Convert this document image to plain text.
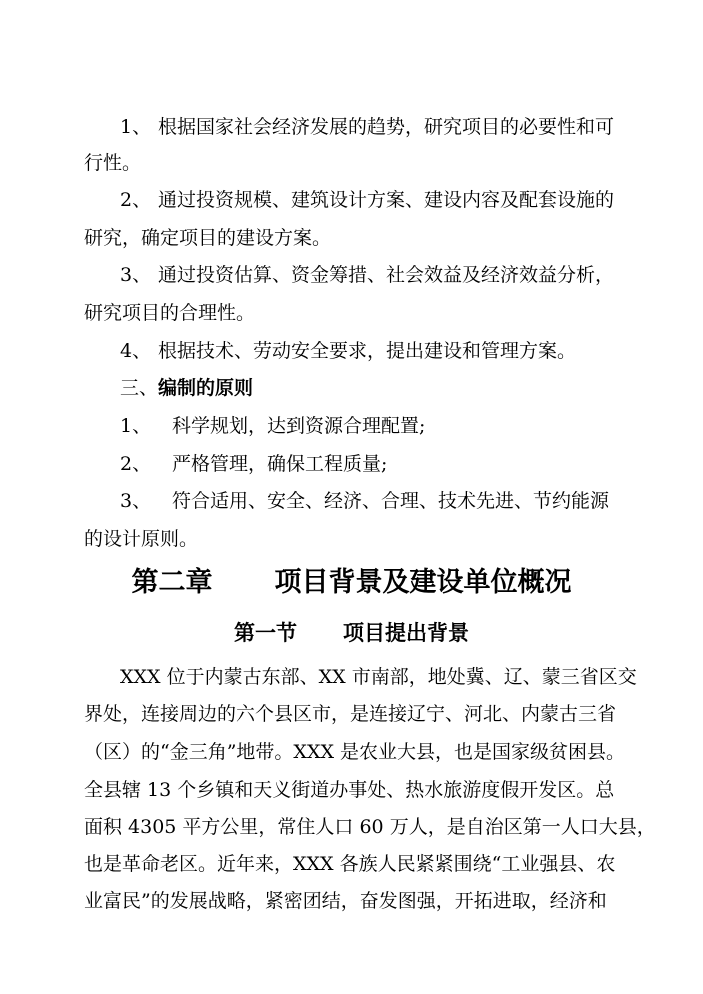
1、 根据国家社会经济发展的趋势，研究项目的必要性和可
行性。
2、 通过投资规模、建筑设计方案、建设内容及配套设施的
研究，确定项目的建设方案。
3、 通过投资估算、资金筹措、社会效益及经济效益分析，
研究项目的合理性。
4、 根据技术、劳动安全要求，提出建设和管理方案。
三、编制的原则
1、 科学规划，达到资源合理配置;
2、 严格管理，确保工程质量;
3、 符合适用、安全、经济、合理、技术先进、节约能源
的设计原则。
第二章 项目背景及建设单位概况
第一节 项目提出背景
XXX 位于内蒙古东部、XX 市南部，地处冀、辽、蒙三省区交
界处，连接周边的六个县区市，是连接辽宁、河北、内蒙古三省
（区）的“金三角”地带。XXX 是农业大县，也是国家级贫困县。
全县辖 13 个乡镇和天义街道办事处、热水旅游度假开发区。总
面积 4305 平方公里，常住人口 60 万人，是自治区第一人口大县，
也是革命老区。近年来，XXX 各族人民紧紧围绕“工业强县、农
业富民”的发展战略，紧密团结，奋发图强，开拓进取，经济和
